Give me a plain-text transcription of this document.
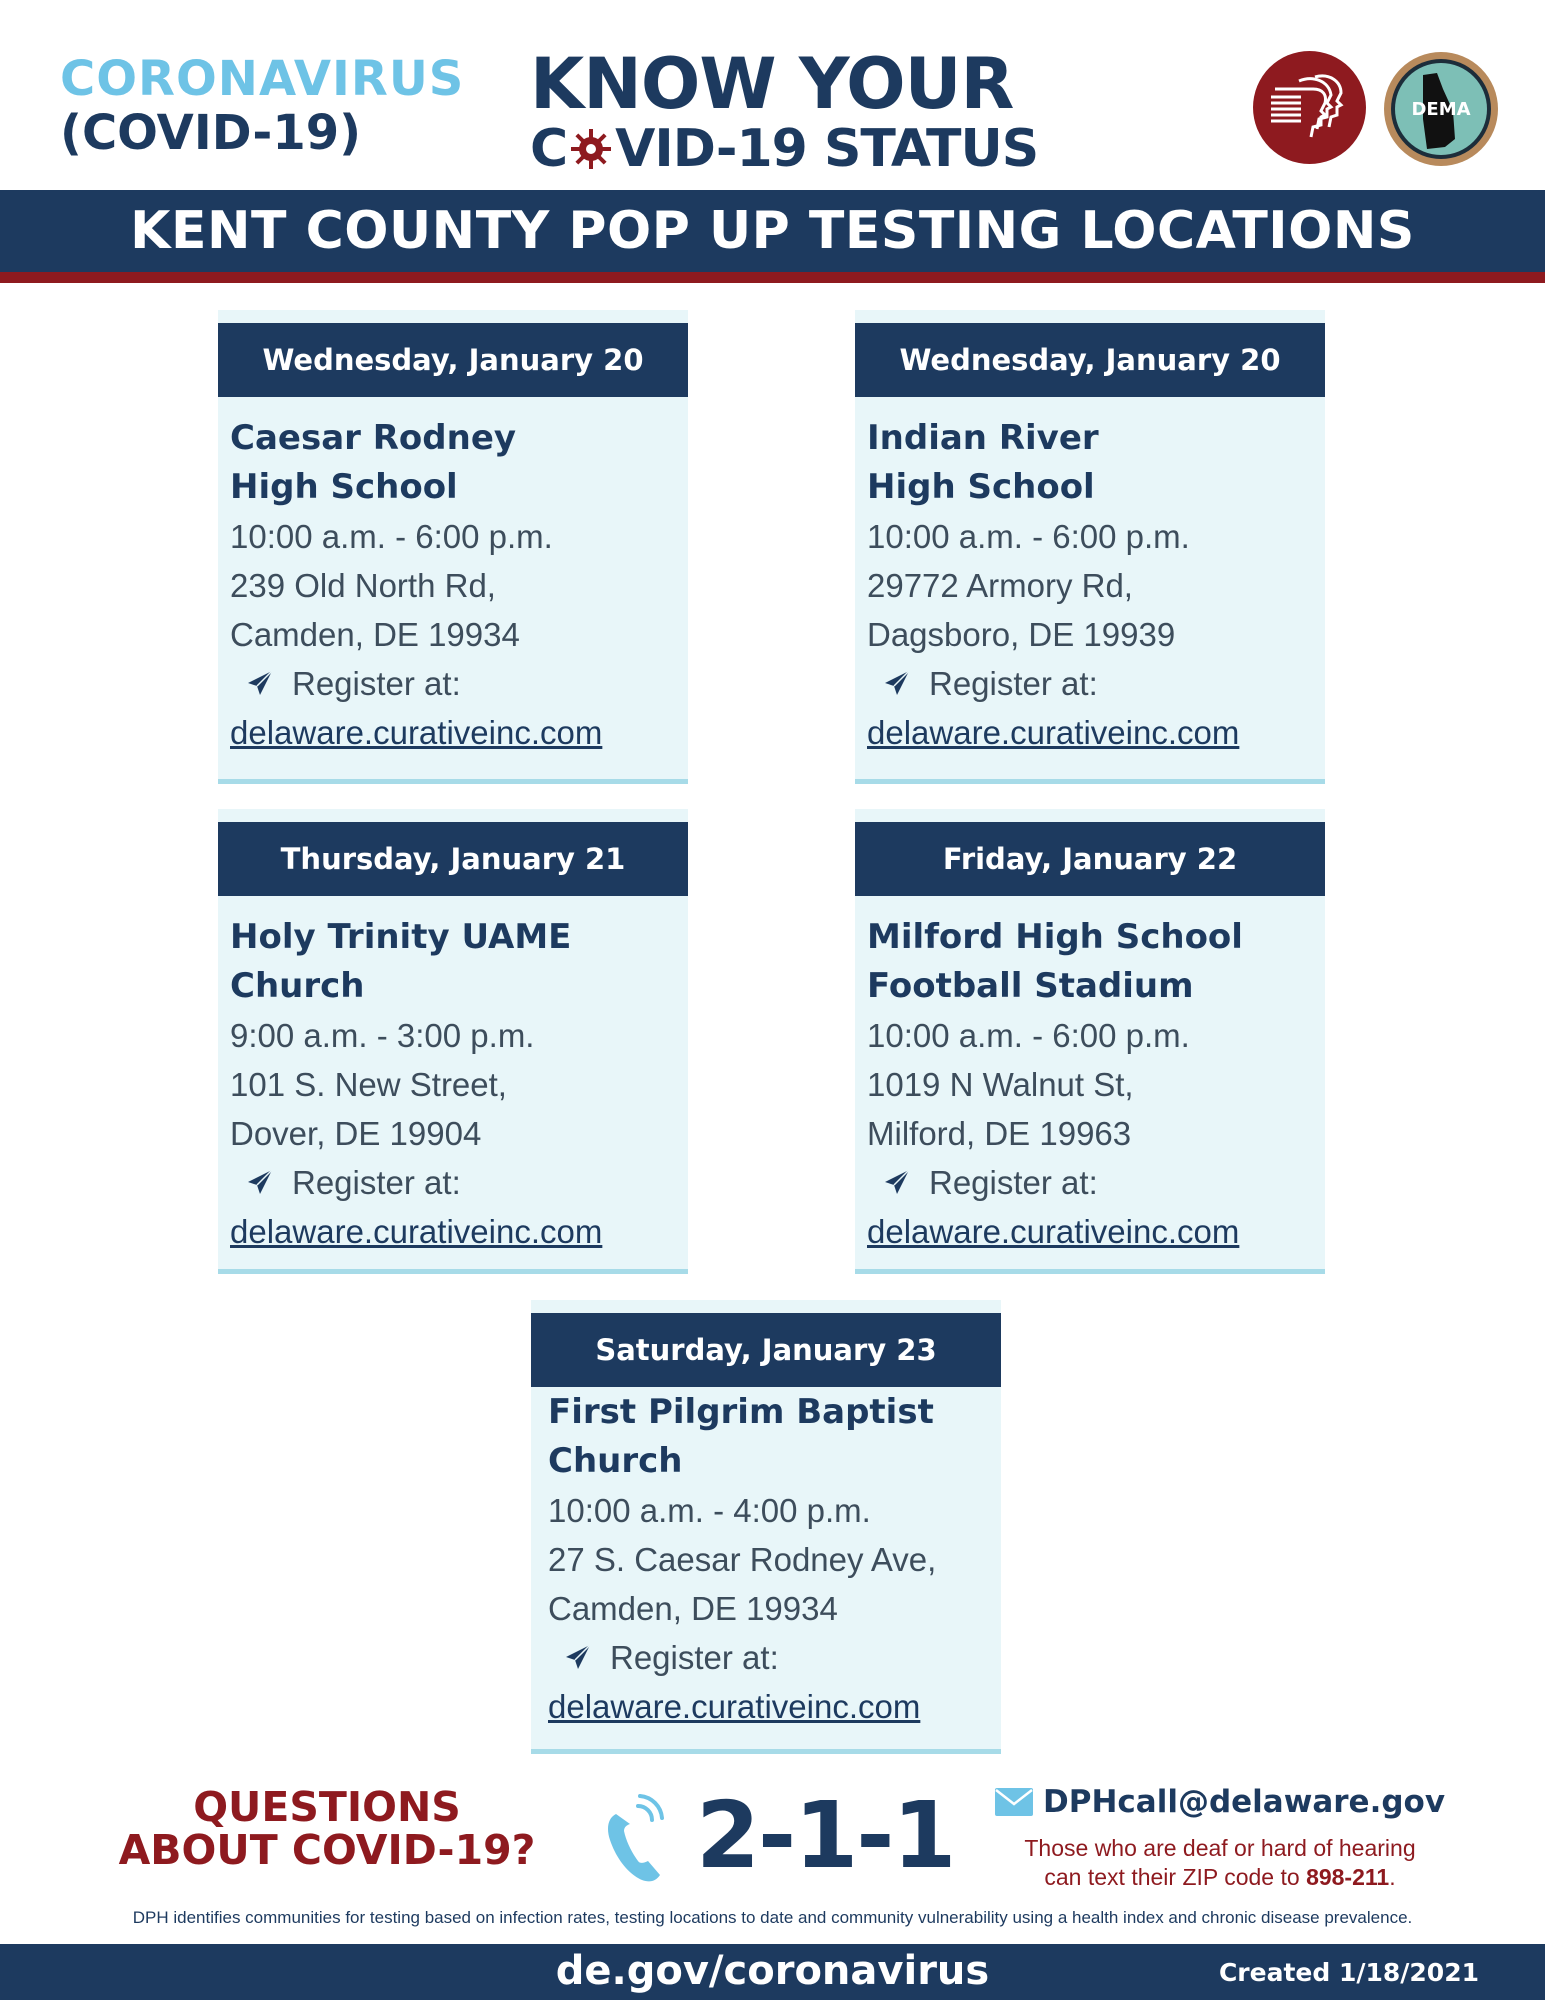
CORONAVIRUS
(COVID-19)
KNOW YOUR
C VID-19 STATUS
DEMA
KENT COUNTY POP UP TESTING LOCATIONS
Wednesday, January 20
Caesar Rodney
High School
10:00 a.m. - 6:00 p.m.
239 Old North Rd,
Camden, DE 19934
Register at:
delaware.curativeinc.com
Wednesday, January 20
Indian River
High School
10:00 a.m. - 6:00 p.m.
29772 Armory Rd,
Dagsboro, DE 19939
Register at:
delaware.curativeinc.com
Thursday, January 21
Holy Trinity UAME
Church
9:00 a.m. - 3:00 p.m.
101 S. New Street,
Dover, DE 19904
Register at:
delaware.curativeinc.com
Friday, January 22
Milford High School
Football Stadium
10:00 a.m. - 6:00 p.m.
1019 N Walnut St,
Milford, DE 19963
Register at:
delaware.curativeinc.com
Saturday, January 23
First Pilgrim Baptist
Church
10:00 a.m. - 4:00 p.m.
27 S. Caesar Rodney Ave,
Camden, DE 19934
Register at:
delaware.curativeinc.com
QUESTIONS
ABOUT COVID-19? 2-1-1	DPHcall@delaware.gov
Those who are deaf or hard of hearing
can text their ZIP code to 898-211.
DPH identifies communities for testing based on infection rates, testing locations to date and community vulnerability using a health index and chronic disease prevalence.
de.gov/coronavirus	Created 1/18/2021
